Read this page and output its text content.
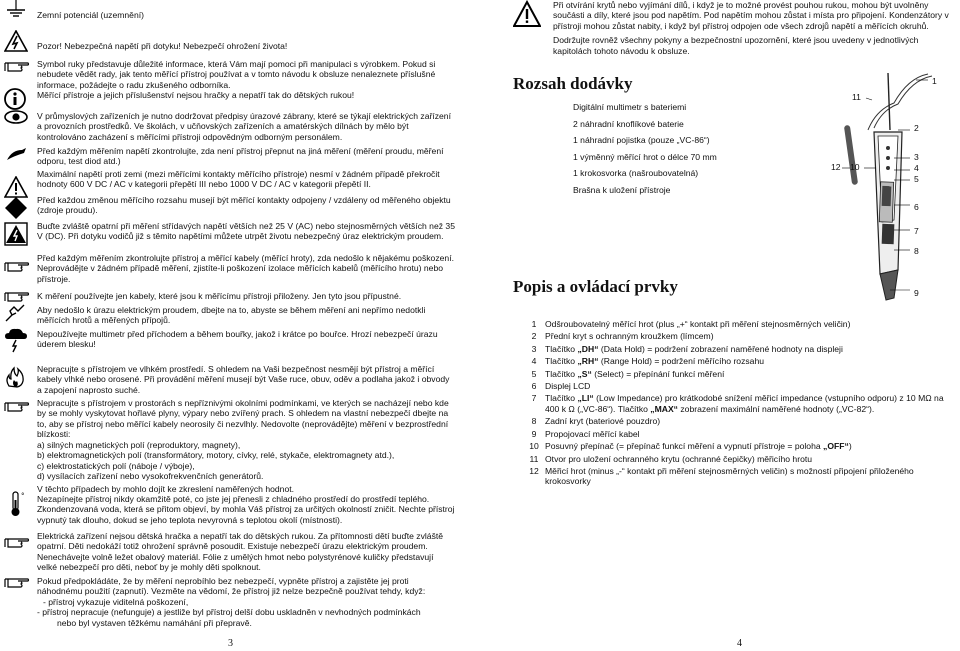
Zemní potenciál (uzemnění)

Pozor! Nebezpečná napětí při dotyku! Nebezpečí ohrožení života!

Symbol ruky představuje důležité informace, která Vám mají pomoci při manipulaci s výrobkem. Pokud si nebudete vědět rady, jak tento měřící přístroj používat a v tomto návodu k obsluze nenaleznete příslušné informace, požádejte o radu zkušeného odborníka.

Měřící přístroje a jejich příslušenství nejsou hračky a nepatří tak do dětských rukou!

V průmyslových zařízeních je nutno dodržovat předpisy úrazové zábrany, které se týkají elektrických zařízení a provozních prostředků. Ve školách, v učňovských zařízeních a amatérských dílnách by mělo být kontrolováno zacházení s měřícími přístroji odpovědným odborným personálem.

Před každým měřením napětí zkontrolujte, zda není přístroj přepnut na jiná měření (měření proudu, měření odporu, test diod atd.)

Maximální napětí proti zemi (mezi měřícími kontakty měřícího přístroje) nesmí v žádném případě překročit hodnoty 600 V DC / AC v kategorii přepětí III nebo 1000 V DC / AC v kategorii přepětí II.

Před každou změnou měřícího rozsahu musejí být měřící kontakty odpojeny / vzdáleny od měřeného objektu (zdroje proudu).

Buďte zvláště opatrní při měření střídavých napětí větších než 25 V (AC) nebo stejnosměrných větších než 35 V (DC). Při dotyku vodičů již s těmito napětími můžete utrpět životu nebezpečný úraz elektrickým proudem.

Před každým měřením zkontrolujte přístroj a měřící kabely (měřící hroty), zda nedošlo k nějakému poškození. Neprovádějte v žádném případě měření, zjistíte-li poškození izolace měřících kabelů (měřícího hrotu) nebo přístroje.

K měření používejte jen kabely, které jsou k měřícímu přístroji přiloženy. Jen tyto jsou přípustné.

Aby nedošlo k úrazu elektrickým proudem, dbejte na to, abyste se během měření ani nepřímo nedotkli měřících hrotů a měřených přípojů.

Nepoužívejte multimetr před příchodem a během bouřky, jakož i krátce po bouřce. Hrozí nebezpečí úrazu úderem blesku!

Nepracujte s přístrojem ve vlhkém prostředí. S ohledem na Vaši bezpečnost nesmějí být přístroj a měřící kabely vlhké nebo orosené. Při provádění měření musejí být Vaše ruce, obuv, oděv a podlaha jakož i obvody a zapojení naprosto suché.

Nepracujte s přístrojem v prostorách s nepříznivými okolními podmínkami, ve kterých se nacházejí nebo kde by se mohly vyskytovat hořlavé plyny, výpary nebo zvířený prach. S ohledem na vlastní nebezpečí dbejte na to, aby se přístroj nebo měřící kabely neorosily či nezvlhly. Nedovolte (neprovádějte) měření v bezprostřední blízkosti:

a) silných magnetických polí (reproduktory, magnety),
b) elektromagnetických polí (transformátory, motory, cívky, relé, stykače, elektromagnety atd.),
c) elektrostatických polí (náboje / výboje),
d) vysílacích zařízení nebo vysokofrekvenčních generátorů.

V těchto případech by mohlo dojít ke zkreslení naměřených hodnot.

° Nezapínejte přístroj nikdy okamžitě poté, co jste jej přenesli z chladného prostředí do prostředí teplého. Zkondenzovaná voda, která se přitom objeví, by mohla Váš přístroj za určitých okolností zničit. Nechte přístroj vypnutý tak dlouho, dokud se jeho teplota nevyrovná s teplotou okolí (místnosti).

Elektrická zařízení nejsou dětská hračka a nepatří tak do dětských rukou. Za přítomnosti dětí buďte zvláště opatrní. Děti nedokáží totiž ohrožení správně posoudit. Existuje nebezpečí úrazu elektrickým proudem. Nenechávejte volně ležet obalový materiál. Fólie z umělých hmot nebo polystyrénové kuličky představují velké nebezpečí pro děti, neboť by je mohly děti spolknout.

Pokud předpokládáte, že by měření neprobíhlo bez nebezpečí, vypněte přístroj a zajistěte jej proti náhodnému použití (zapnutí). Vezměte na vědomí, že přístroj již nelze bezpečně používat tehdy, když:

- přístroj vykazuje viditelná poškození,
- přístroj nepracuje (nefunguje) a jestliže byl přístroj delší dobu uskladněn v nevhodných podmínkách
nebo byl vystaven těžkému namáhání při přepravě.
3

Při otvírání krytů nebo vyjímání dílů, i když je to možné provést pouhou rukou, mohou být uvolněny součásti a díly, které jsou pod napětím. Pod napětím mohou zůstat i místa pro připojení. Kondenzátory v přístroji mohou zůstat nabity, i když byl přístroj odpojen ode všech zdrojů napětí a měřících okruhů.

Dodržujte rovněž všechny pokyny a bezpečnostní upozornění, které jsou uvedeny v jednotlivých kapitolách tohoto návodu k obsluze.

Rozsah dodávky
Digitální multimetr s bateriemi
2 náhradní knoflíkové baterie
1 náhradní pojistka (pouze „VC-86“)
1 výměnný měřící hrot o délce 70 mm
1 krokosvorka (našroubovatelná)
Brašna k uložení přístroje
Popis a ovládací prvky
1
11
2
3
4
5
12 10
6
7
8
9
1	Odšroubovatelný měřící hrot (plus „+“ kontakt při měření stejnosměrných veličin)
2	Přední kryt s ochranným kroužkem (límcem)
3	Tlačítko „DH“ (Data Hold) = podržení zobrazení naměřené hodnoty na displeji
4	Tlačítko „RH“ (Range Hold) = podržení měřícího rozsahu
5	Tlačítko „S“ (Select) = přepínání funkcí měření
6	Displej LCD
7	Tlačítko „LI“ (Low Impedance) pro krátkodobé snížení měřicí impedance (vstupního odporu) z 10 MΩ na 400 k Ω („VC-86“). Tlačítko „MAX“ zobrazení maximální naměřené hodnoty („VC-82“).
8	Zadní kryt (bateriové pouzdro)
9	Propojovací měřící kabel
10 Posuvný přepínač (= přepínač funkcí měření a vypnutí přístroje = poloha „OFF“)
11 Otvor pro uložení ochranného krytu (ochranné čepičky) měřicího hrotu
12 Měřicí hrot (minus „-“ kontakt při měření stejnosměrných veličin) s možností připojení přiloženého krokosvorky
4
